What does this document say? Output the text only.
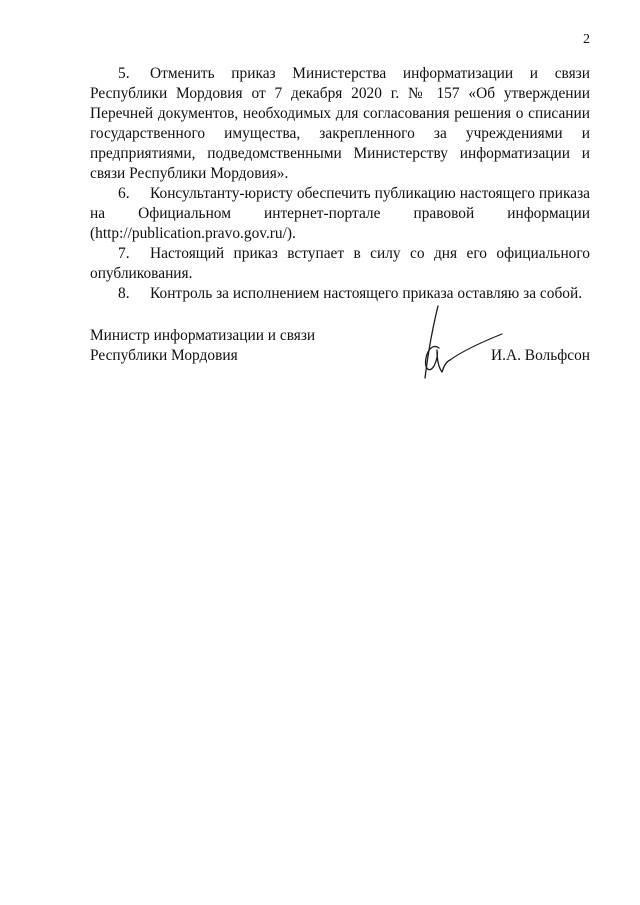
2

5. Отменить приказ Министерства информатизации и связи Республики Мордовия от 7 декабря 2020 г. № 157 «Об утверждении Перечней документов, необходимых для согласования решения о списании государственного имущества, закрепленного за учреждениями и предприятиями, подведомственными Министерству информатизации и связи Республики Мордовия».

6. Консультанту-юристу обеспечить публикацию настоящего приказа на Официальном интернет-портале правовой информации (http://publication.pravo.gov.ru/).

7. Настоящий приказ вступает в силу со дня его официального опубликования.

8. Контроль за исполнением настоящего приказа оставляю за собой.

Министр информатизации и связи
Республики Мордовия	И.А. Вольфсон
